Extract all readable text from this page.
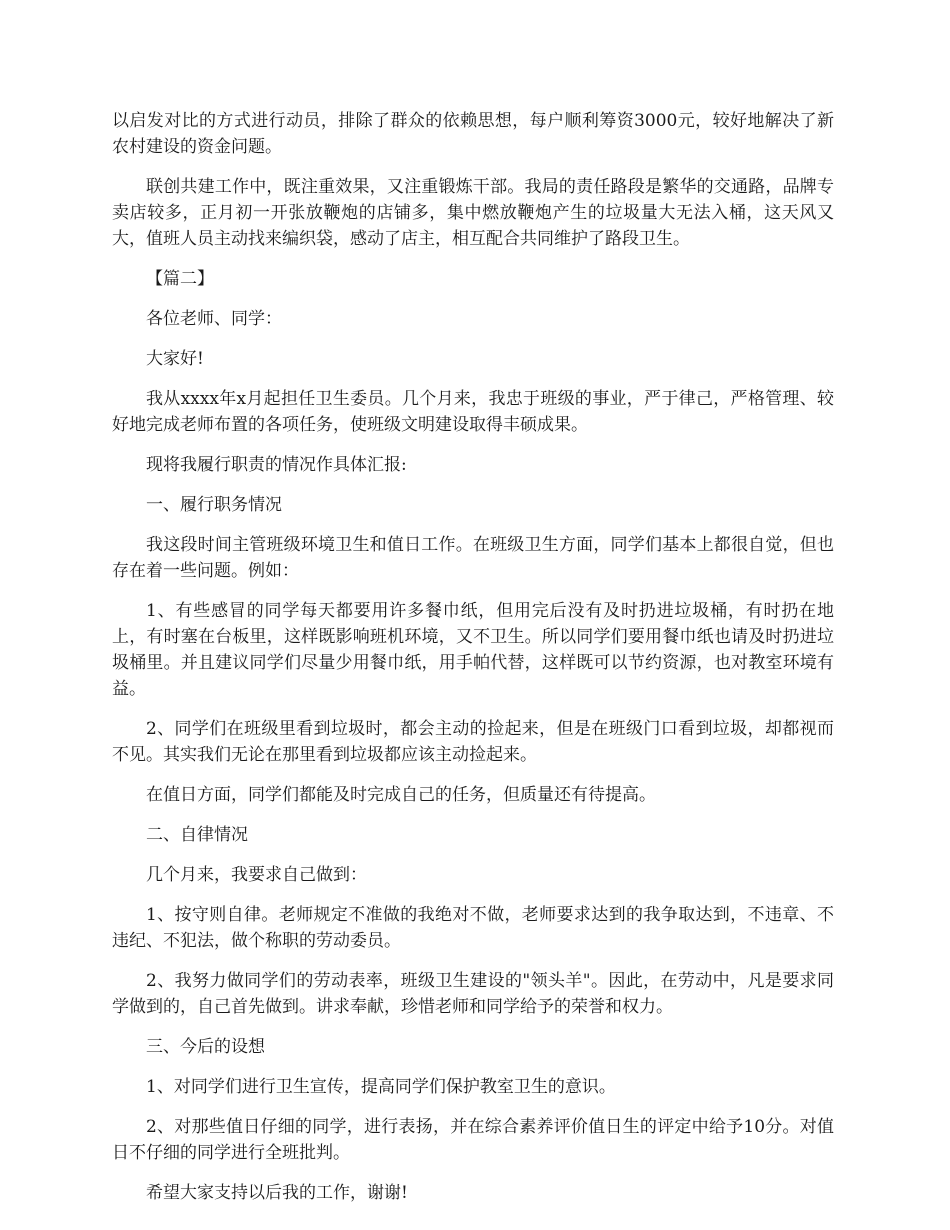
以启发对比的方式进行动员，排除了群众的依赖思想，每户顺利筹资3000元，较好地解决了新农村建设的资金问题。

联创共建工作中，既注重效果，又注重锻炼干部。我局的责任路段是繁华的交通路，品牌专卖店较多，正月初一开张放鞭炮的店铺多，集中燃放鞭炮产生的垃圾量大无法入桶，这天风又大，值班人员主动找来编织袋，感动了店主，相互配合共同维护了路段卫生。

【篇二】

各位老师、同学：

大家好!

我从xxxx年x月起担任卫生委员。几个月来，我忠于班级的事业，严于律己，严格管理、较好地完成老师布置的各项任务，使班级文明建设取得丰硕成果。

现将我履行职责的情况作具体汇报:

一、履行职务情况

我这段时间主管班级环境卫生和值日工作。在班级卫生方面，同学们基本上都很自觉，但也存在着一些问题。例如：

1、有些感冒的同学每天都要用许多餐巾纸，但用完后没有及时扔进垃圾桶，有时扔在地上，有时塞在台板里，这样既影响班机环境，又不卫生。所以同学们要用餐巾纸也请及时扔进垃圾桶里。并且建议同学们尽量少用餐巾纸，用手帕代替，这样既可以节约资源，也对教室环境有益。

2、同学们在班级里看到垃圾时，都会主动的捡起来，但是在班级门口看到垃圾，却都视而不见。其实我们无论在那里看到垃圾都应该主动捡起来。

在值日方面，同学们都能及时完成自己的任务，但质量还有待提高。

二、自律情况

几个月来，我要求自己做到：

1、按守则自律。老师规定不准做的我绝对不做，老师要求达到的我争取达到，不违章、不违纪、不犯法，做个称职的劳动委员。

2、我努力做同学们的劳动表率，班级卫生建设的"领头羊"。因此，在劳动中，凡是要求同学做到的，自己首先做到。讲求奉献，珍惜老师和同学给予的荣誉和权力。

三、今后的设想

1、对同学们进行卫生宣传，提高同学们保护教室卫生的意识。

2、对那些值日仔细的同学，进行表扬，并在综合素养评价值日生的评定中给予10分。对值日不仔细的同学进行全班批判。

希望大家支持以后我的工作，谢谢!
